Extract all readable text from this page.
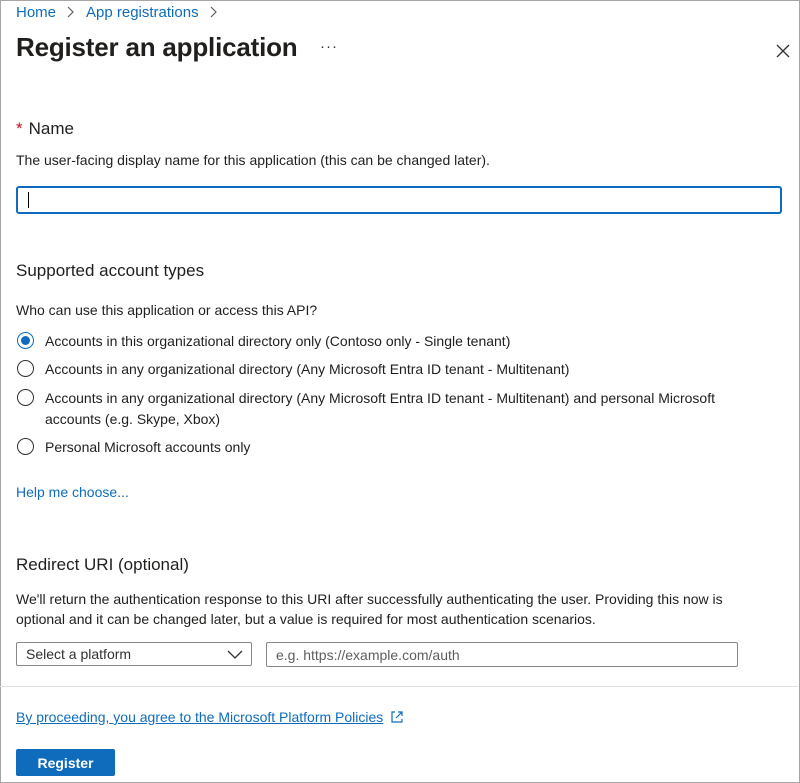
Home App registrations
Register an application ···
* Name
The user-facing display name for this application (this can be changed later).
Supported account types
Who can use this application or access this API?
Accounts in this organizational directory only (Contoso only - Single tenant)
Accounts in any organizational directory (Any Microsoft Entra ID tenant - Multitenant)
Accounts in any organizational directory (Any Microsoft Entra ID tenant - Multitenant) and personal Microsoft accounts (e.g. Skype, Xbox)
Personal Microsoft accounts only
Help me choose...
Redirect URI (optional)
We'll return the authentication response to this URI after successfully authenticating the user. Providing this now is optional and it can be changed later, but a value is required for most authentication scenarios.
Select a platform
e.g. https://example.com/auth
By proceeding, you agree to the Microsoft Platform Policies
Register
